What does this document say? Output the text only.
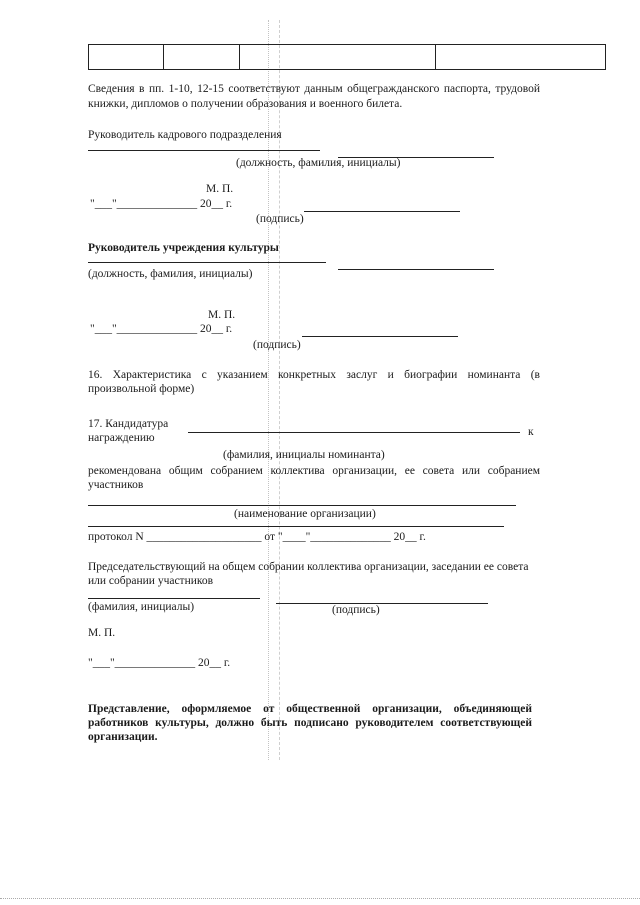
Сведения в пп. 1-10, 12-15 соответствуют данным общегражданского паспорта, трудовой книжки, дипломов о получении образования и военного билета.
Руководитель кадрового подразделения
(должность, фамилия, инициалы)
М. П.
"___"______________ 20__ г.
(подпись)
Руководитель учреждения культуры
(должность, фамилия, инициалы)
М. П.
"___"______________ 20__ г.
(подпись)
16. Характеристика с указанием конкретных заслуг и биографии номинанта (в произвольной форме)
17. Кандидатура
к
награждению
(фамилия, инициалы номинанта)
рекомендована общим собранием коллектива организации, ее совета или собранием участников
(наименование организации)
протокол N ____________________ от "____"______________ 20__ г.
Председательствующий на общем собрании коллектива организации, заседании ее совета или собрании участников
(фамилия, инициалы)	(подпись)
М. П.
"___"______________ 20__ г.
Представление, оформляемое от общественной организации, объединяющей работников культуры, должно быть подписано руководителем соответствующей организации.
